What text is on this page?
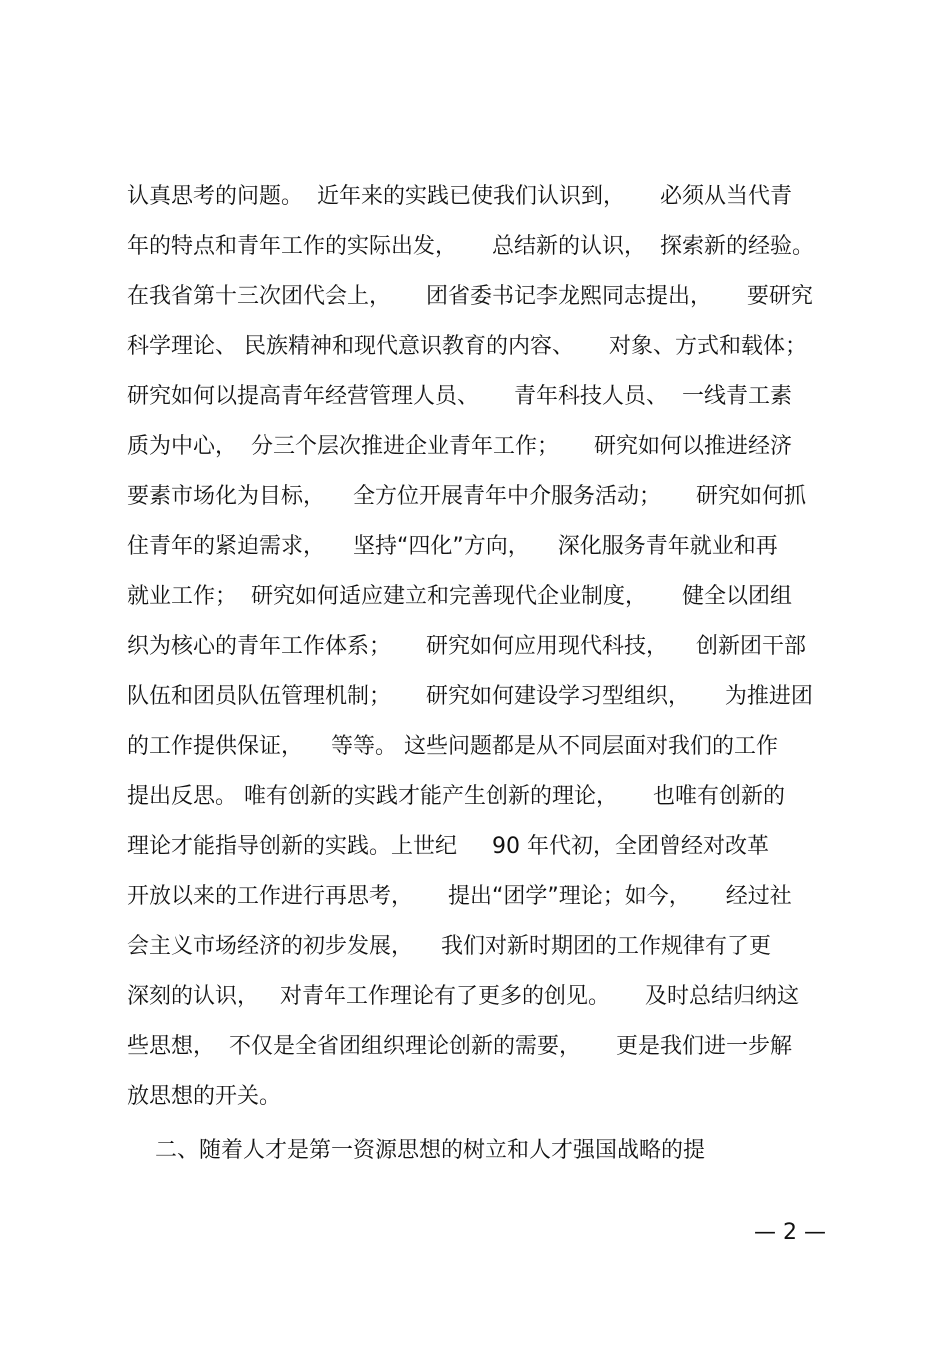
认真思考的问题。  近年来的实践已使我们认识到，     必须从当代青
年的特点和青年工作的实际出发，     总结新的认识，  探索新的经验。
在我省第十三次团代会上，     团省委书记李龙熙同志提出，     要研究
科学理论、 民族精神和现代意识教育的内容、     对象、方式和载体；
研究如何以提高青年经营管理人员、     青年科技人员、  一线青工素
质为中心，  分三个层次推进企业青年工作；     研究如何以推进经济
要素市场化为目标，    全方位开展青年中介服务活动；     研究如何抓
住青年的紧迫需求，    坚持“四化”方向，    深化服务青年就业和再
就业工作；  研究如何适应建立和完善现代企业制度，     健全以团组
织为核心的青年工作体系；     研究如何应用现代科技，    创新团干部
队伍和团员队伍管理机制；     研究如何建设学习型组织，     为推进团
的工作提供保证，    等等。 这些问题都是从不同层面对我们的工作
提出反思。 唯有创新的实践才能产生创新的理论，     也唯有创新的
理论才能指导创新的实践。上世纪     90 年代初，全团曾经对改革
开放以来的工作进行再思考，     提出“团学”理论；如今，     经过社
会主义市场经济的初步发展，    我们对新时期团的工作规律有了更
深刻的认识，   对青年工作理论有了更多的创见。     及时总结归纳这
些思想，  不仅是全省团组织理论创新的需要，     更是我们进一步解
放思想的开关。
二、随着人才是第一资源思想的树立和人才强国战略的提
— 2 —
